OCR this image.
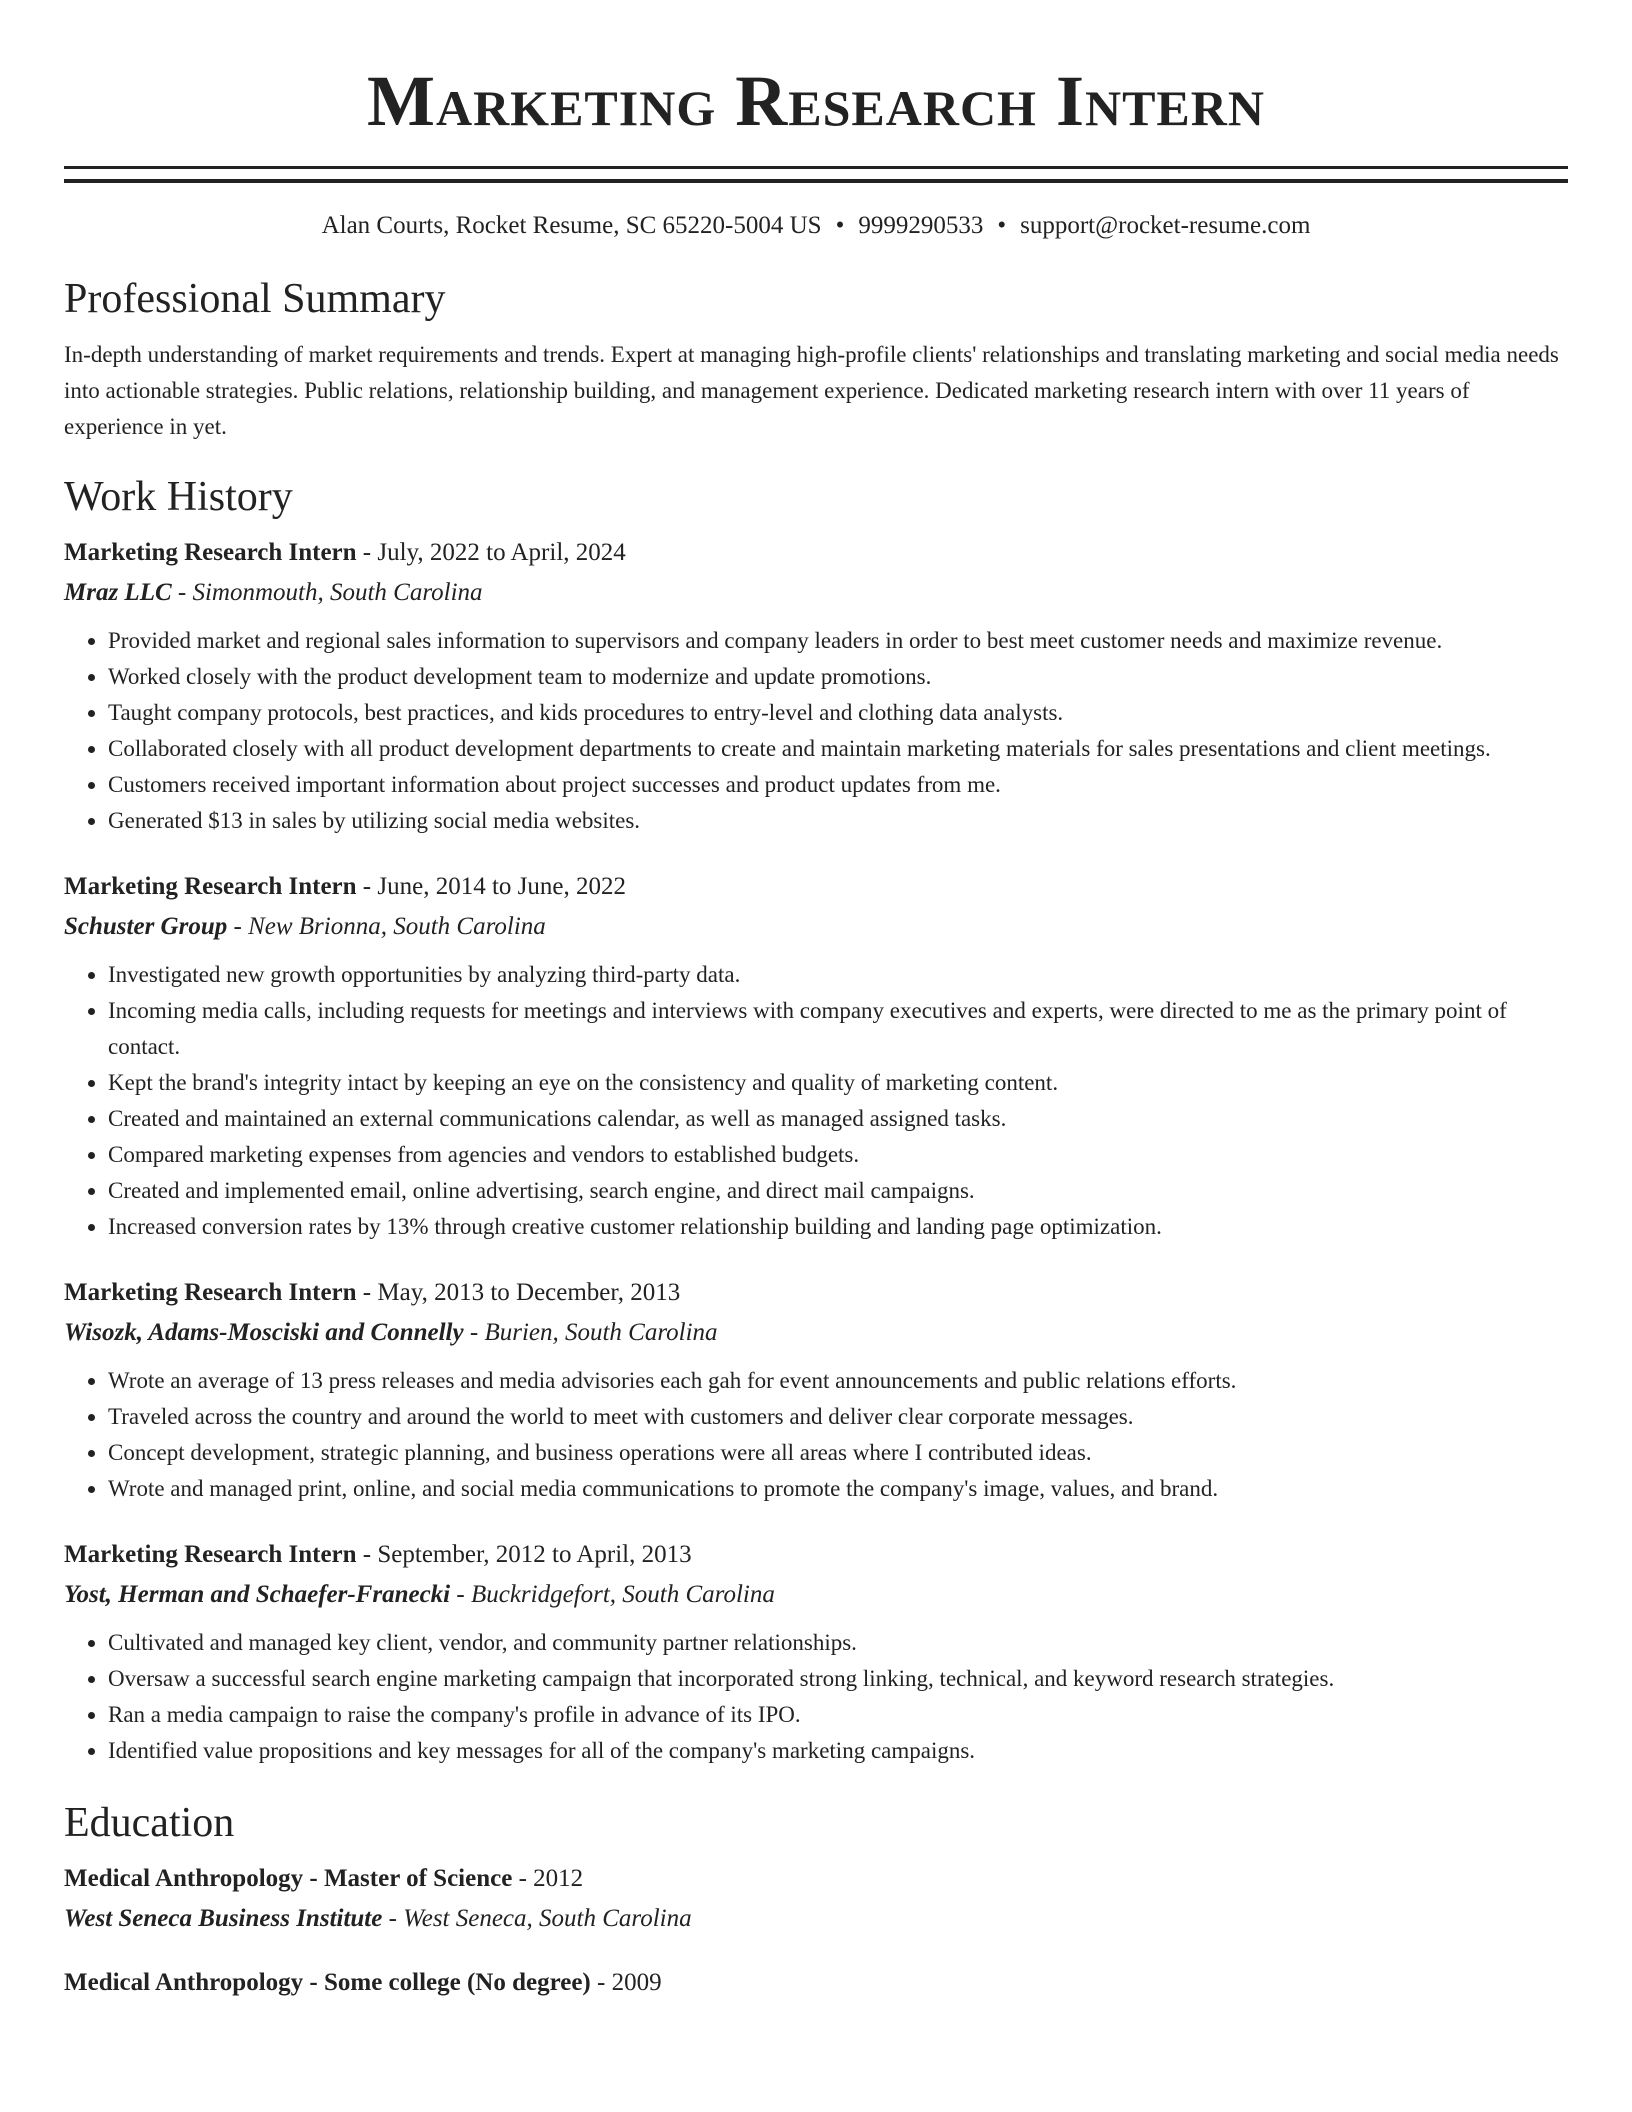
Marketing Research Intern
Alan Courts, Rocket Resume, SC 65220-5004 US • 9999290533 • support@rocket-resume.com
Professional Summary
In-depth understanding of market requirements and trends. Expert at managing high-profile clients' relationships and translating marketing and social media needs into actionable strategies. Public relations, relationship building, and management experience. Dedicated marketing research intern with over 11 years of experience in yet.
Work History
Marketing Research Intern - July, 2022 to April, 2024
Mraz LLC - Simonmouth, South Carolina
• Provided market and regional sales information to supervisors and company leaders in order to best meet customer needs and maximize revenue.
• Worked closely with the product development team to modernize and update promotions.
• Taught company protocols, best practices, and kids procedures to entry-level and clothing data analysts.
• Collaborated closely with all product development departments to create and maintain marketing materials for sales presentations and client meetings.
• Customers received important information about project successes and product updates from me.
• Generated $13 in sales by utilizing social media websites.
Marketing Research Intern - June, 2014 to June, 2022
Schuster Group - New Brionna, South Carolina
• Investigated new growth opportunities by analyzing third-party data.
• Incoming media calls, including requests for meetings and interviews with company executives and experts, were directed to me as the primary point of contact.
• Kept the brand's integrity intact by keeping an eye on the consistency and quality of marketing content.
• Created and maintained an external communications calendar, as well as managed assigned tasks.
• Compared marketing expenses from agencies and vendors to established budgets.
• Created and implemented email, online advertising, search engine, and direct mail campaigns.
• Increased conversion rates by 13% through creative customer relationship building and landing page optimization.
Marketing Research Intern - May, 2013 to December, 2013
Wisozk, Adams-Mosciski and Connelly - Burien, South Carolina
• Wrote an average of 13 press releases and media advisories each gah for event announcements and public relations efforts.
• Traveled across the country and around the world to meet with customers and deliver clear corporate messages.
• Concept development, strategic planning, and business operations were all areas where I contributed ideas.
• Wrote and managed print, online, and social media communications to promote the company's image, values, and brand.
Marketing Research Intern - September, 2012 to April, 2013
Yost, Herman and Schaefer-Franecki - Buckridgefort, South Carolina
• Cultivated and managed key client, vendor, and community partner relationships.
• Oversaw a successful search engine marketing campaign that incorporated strong linking, technical, and keyword research strategies.
• Ran a media campaign to raise the company's profile in advance of its IPO.
• Identified value propositions and key messages for all of the company's marketing campaigns.
Education
Medical Anthropology - Master of Science - 2012
West Seneca Business Institute - West Seneca, South Carolina
Medical Anthropology - Some college (No degree) - 2009
